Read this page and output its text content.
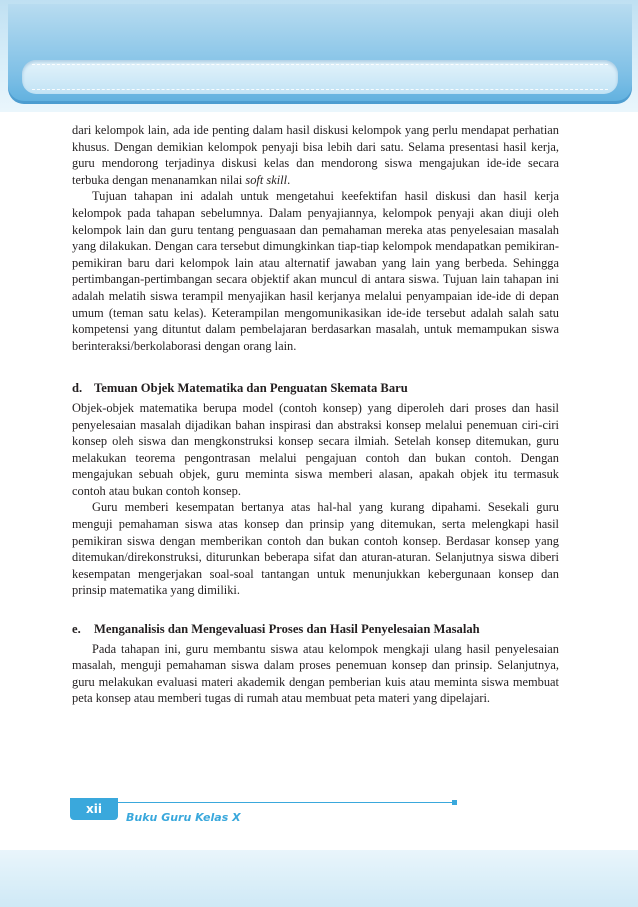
dari kelompok lain, ada ide penting dalam hasil diskusi kelompok yang perlu mendapat perhatian khusus. Dengan demikian kelompok penyaji bisa lebih dari satu. Selama presentasi hasil kerja, guru mendorong terjadinya diskusi kelas dan mendorong siswa mengajukan ide-ide secara terbuka dengan menanamkan nilai soft skill.

Tujuan tahapan ini adalah untuk mengetahui keefektifan hasil diskusi dan hasil kerja kelompok pada tahapan sebelumnya. Dalam penyajiannya, kelompok penyaji akan diuji oleh kelompok lain dan guru tentang penguasaan dan pemahaman mereka atas penyelesaian masalah yang dilakukan. Dengan cara tersebut dimungkinkan tiap-tiap kelompok mendapatkan pemikiran-pemikiran baru dari kelompok lain atau alternatif jawaban yang lain yang berbeda. Sehingga pertimbangan-pertimbangan secara objektif akan muncul di antara siswa. Tujuan lain tahapan ini adalah melatih siswa terampil menyajikan hasil kerjanya melalui penyampaian ide-ide di depan umum (teman satu kelas). Keterampilan mengomunikasikan ide-ide tersebut adalah salah satu kompetensi yang dituntut dalam pembelajaran berdasarkan masalah, untuk memampukan siswa berinteraksi/berkolaborasi dengan orang lain.

d. Temuan Objek Matematika dan Penguatan Skemata Baru

Objek-objek matematika berupa model (contoh konsep) yang diperoleh dari proses dan hasil penyelesaian masalah dijadikan bahan inspirasi dan abstraksi konsep melalui penemuan ciri-ciri konsep oleh siswa dan mengkonstruksi konsep secara ilmiah. Setelah konsep ditemukan, guru melakukan teorema pengontrasan melalui pengajuan contoh dan bukan contoh. Dengan mengajukan sebuah objek, guru meminta siswa memberi alasan, apakah objek itu termasuk contoh atau bukan contoh konsep.

Guru memberi kesempatan bertanya atas hal-hal yang kurang dipahami. Sesekali guru menguji pemahaman siswa atas konsep dan prinsip yang ditemukan, serta melengkapi hasil pemikiran siswa dengan memberikan contoh dan bukan contoh konsep. Berdasar konsep yang ditemukan/direkonstruksi, diturunkan beberapa sifat dan aturan-aturan. Selanjutnya siswa diberi kesempatan mengerjakan soal-soal tantangan untuk menunjukkan kebergunaan konsep dan prinsip matematika yang dimiliki.

e.	Menganalisis dan Mengevaluasi Proses dan Hasil Penyelesaian Masalah

Pada tahapan ini, guru membantu siswa atau kelompok mengkaji ulang hasil penyelesaian masalah, menguji pemahaman siswa dalam proses penemuan konsep dan prinsip. Selanjutnya, guru melakukan evaluasi materi akademik dengan pemberian kuis atau meminta siswa membuat peta konsep atau memberi tugas di rumah atau membuat peta materi yang dipelajari.

xii
Buku Guru Kelas X
